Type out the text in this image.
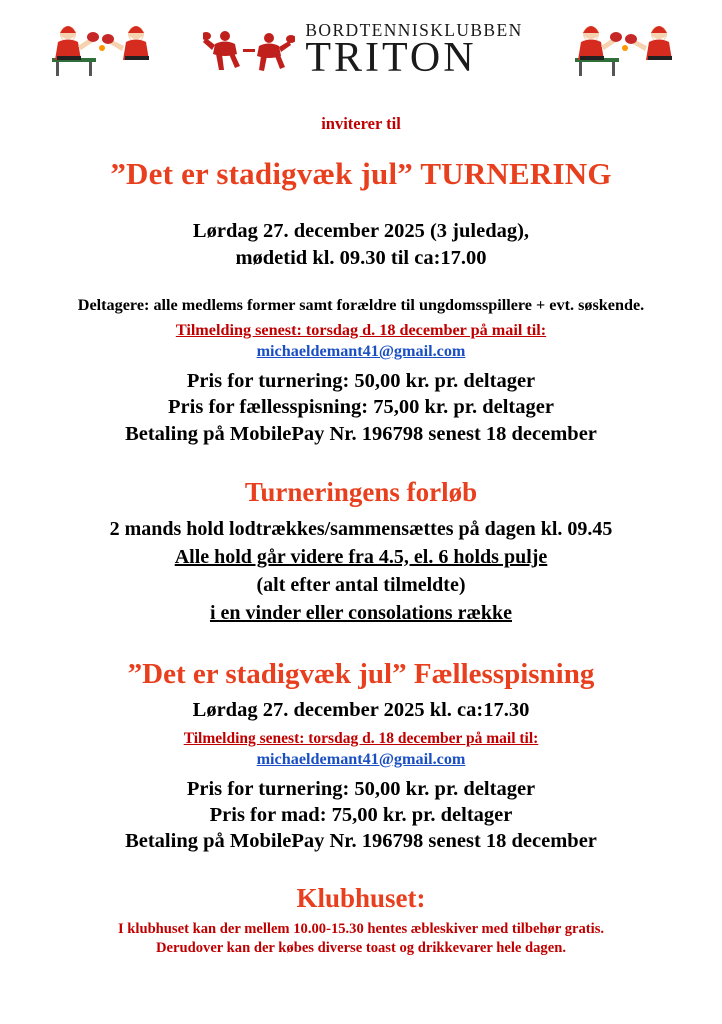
BORDTENNISKLUBBEN
TRITON
inviterer til
”Det er stadigvæk jul” TURNERING
Lørdag 27. december 2025 (3 juledag),
mødetid kl. 09.30 til ca:17.00
Deltagere: alle medlems former samt forældre til ungdomsspillere + evt. søskende.
Tilmelding senest: torsdag d. 18 december på mail til:
michaeldemant41@gmail.com
Pris for turnering: 50,00 kr. pr. deltager
Pris for fællesspisning: 75,00 kr. pr. deltager
Betaling på MobilePay Nr. 196798 senest 18 december
Turneringens forløb
2 mands hold lodtrækkes/sammensættes på dagen kl. 09.45
Alle hold går videre fra 4.5, el. 6 holds pulje
(alt efter antal tilmeldte)
i en vinder eller consolations række
”Det er stadigvæk jul” Fællesspisning
Lørdag 27. december 2025 kl. ca:17.30
Tilmelding senest: torsdag d. 18 december på mail til:
michaeldemant41@gmail.com
Pris for turnering: 50,00 kr. pr. deltager
Pris for mad: 75,00 kr. pr. deltager
Betaling på MobilePay Nr. 196798 senest 18 december
Klubhuset:
I klubhuset kan der mellem 10.00-15.30 hentes æbleskiver med tilbehør gratis.
Derudover kan der købes diverse toast og drikkevarer hele dagen.
